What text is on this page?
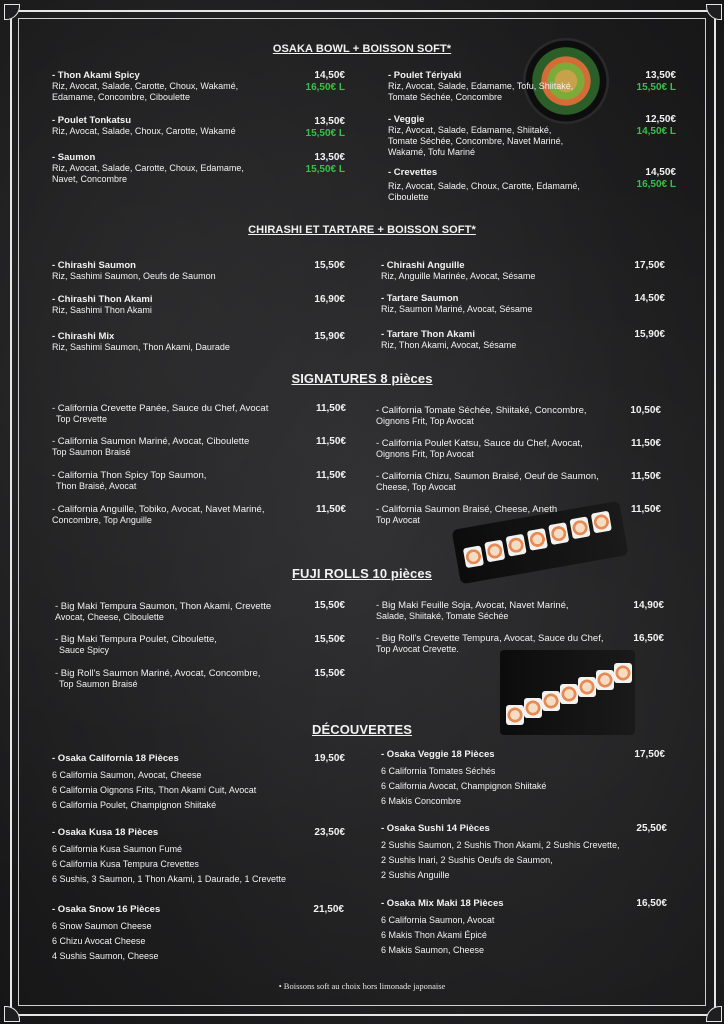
OSAKA BOWL + BOISSON SOFT*
CHIRASHI ET TARTARE + BOISSON SOFT*
SIGNATURES 8 pièces
FUJI ROLLS 10 pièces
DÉCOUVERTES
- Thon Akami Spicy
Riz, Avocat, Salade, Carotte, Choux, Wakamé, Edamame, Concombre, Ciboulette
14,50€
16,50€ L
- Poulet Tonkatsu
Riz, Avocat, Salade, Choux, Carotte, Wakamé
13,50€
15,50€ L
- Saumon
Riz, Avocat, Salade, Carotte, Choux, Edamame, Navet, Concombre
13,50€
15,50€ L
- Poulet Tériyaki
Riz, Avocat, Salade, Edamame, Tofu, Shiitaké, Tomate Séchée, Concombre
13,50€
15,50€ L
- Veggie
Riz, Avocat, Salade, Edamame, Shiitaké, Tomate Séchée, Concombre, Navet Mariné, Wakamé, Tofu Mariné
12,50€
14,50€ L
- Crevettes
Riz, Avocat, Salade, Choux, Carotte, Edamamé, Ciboulette
14,50€
16,50€ L
- Chirashi Saumon
Riz, Sashimi Saumon, Oeufs de Saumon
15,50€
- Chirashi Thon Akami
Riz, Sashimi Thon Akami
16,90€
- Chirashi Mix
Riz, Sashimi Saumon, Thon Akami, Daurade
15,90€
- Chirashi Anguille
Riz, Anguille Marinée, Avocat, Sésame
17,50€
- Tartare Saumon
Riz, Saumon Mariné, Avocat, Sésame
14,50€
- Tartare Thon Akami
Riz, Thon Akami, Avocat, Sésame
15,90€
- California Crevette Panée, Sauce du Chef, Avocat
Top Crevette
11,50€
- California Saumon Mariné, Avocat, Ciboulette
Top Saumon Braisé
11,50€
- California Thon Spicy Top Saumon,
Thon Braisé, Avocat
11,50€
- California Anguille, Tobiko, Avocat, Navet Mariné,
Concombre, Top Anguille
11,50€
- California Tomate Séchée, Shiitaké, Concombre,
Oignons Frit, Top Avocat
10,50€
- California Poulet Katsu, Sauce du Chef, Avocat,
Oignons Frit, Top Avocat
11,50€
- California Chizu, Saumon Braisé, Oeuf de Saumon,
Cheese, Top Avocat
11,50€
- California Saumon Braisé, Cheese, Aneth
Top Avocat
11,50€
- Big Maki Tempura Saumon, Thon Akami, Crevette
Avocat, Cheese, Ciboulette
15,50€
- Big Maki Tempura Poulet, Ciboulette,
Sauce Spicy
15,50€
- Big Roll's Saumon Mariné, Avocat, Concombre,
Top Saumon Braisé
15,50€
- Big Maki Feuille Soja, Avocat, Navet Mariné,
Salade, Shiitaké, Tomate Séchée
14,90€
- Big Roll's Crevette Tempura, Avocat, Sauce du Chef,
Top Avocat Crevette.
16,50€
- Osaka California 18 Pièces
6 California Saumon, Avocat, Cheese
6 California Oignons Frits, Thon Akami Cuit, Avocat
6 California Poulet, Champignon Shiitaké
19,50€
- Osaka Kusa 18 Pièces
6 California Kusa Saumon Fumé
6 California Kusa Tempura Crevettes
6 Sushis, 3 Saumon, 1 Thon Akami, 1 Daurade, 1 Crevette
23,50€
- Osaka Snow 16 Pièces
6 Snow Saumon Cheese
6 Chizu Avocat Cheese
4 Sushis Saumon, Cheese
21,50€
- Osaka Veggie 18 Pièces
6 California Tomates Séchés
6 California Avocat, Champignon Shiitaké
6 Makis Concombre
17,50€
- Osaka Sushi 14 Pièces
2 Sushis Saumon, 2 Sushis Thon Akami, 2 Sushis Crevette,
2 Sushis Inari, 2 Sushis Oeufs de Saumon,
2 Sushis Anguille
25,50€
- Osaka Mix Maki 18 Pièces
6 California Saumon, Avocat
6 Makis Thon Akami Épicé
6 Makis Saumon, Cheese
16,50€
• Boissons soft au choix hors limonade japonaise
